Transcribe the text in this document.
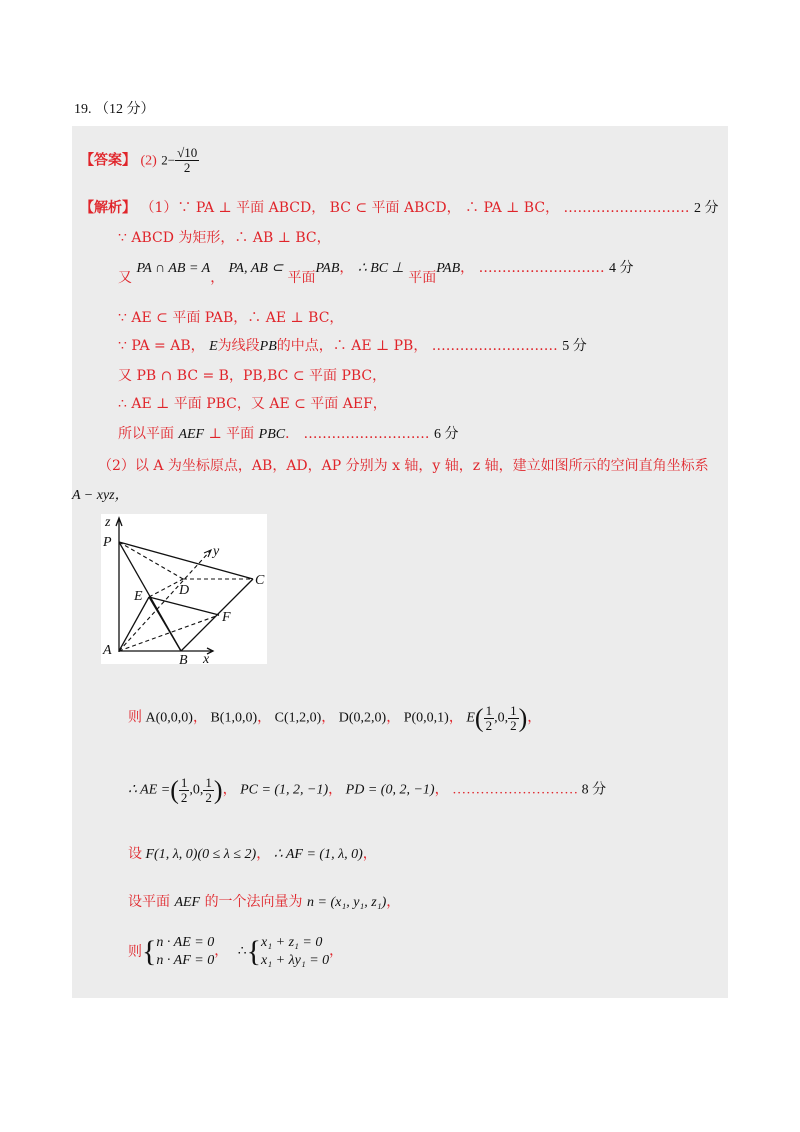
19. （12 分）
【答案】 (2) $2- \frac{√10}{2}$
【解析】 （1）∵ PA ⊥ 平面 ABCD， BC ⊂ 平面 ABCD， ∴ PA ⊥ BC， ……………………… 2 分
∵ ABCD 为矩形，∴ AB ⊥ BC，
又 PA ∩ AB = A， PA, AB ⊂ 平面PAB， ∴ BC ⊥ 平面PAB， ……………………… 4 分
∵ AE ⊂ 平面 PAB，∴ AE ⊥ BC，
∵ PA = AB， E为线段PB的中点，∴ AE ⊥ PB， ……………………… 5 分
又 PB ∩ BC = B，PB,BC ⊂ 平面 PBC，
∴ AE ⊥ 平面 PBC，又 AE ⊂ 平面 AEF，
所以平面 AEF ⊥ 平面 PBC． ……………………… 6 分
（2）以 A 为坐标原点，AB，AD，AP 分别为 x 轴，y 轴，z 轴，建立如图所示的空间直角坐标系
A − xyz，
则 A(0,0,0)， B(1,0,0)， C(1,2,0)， D(0,2,0)， P(0,0,1)， $E( \frac{1}{2} ,0$, $\frac{1}{2}$ )，
∴ AE =( $\frac{1}{2} ,0$, $\frac{1}{2}$ )， PC = (1, 2, −1)， PD = (0, 2, −1)， ……………………… 8 分
设 F(1, λ, 0)(0 ≤ λ ≤ 2)， ∴ AF = (1, λ, 0)，
设平面 AEF 的一个法向量为 n = (x₁, y₁, z₁)，
则{ n · AE = 0
n · AF = 0
， ∴{ x₁ + z₁ = 0
x₁ + λy₁ = 0
，
z
P
y
C
D
E
F
A
B x
